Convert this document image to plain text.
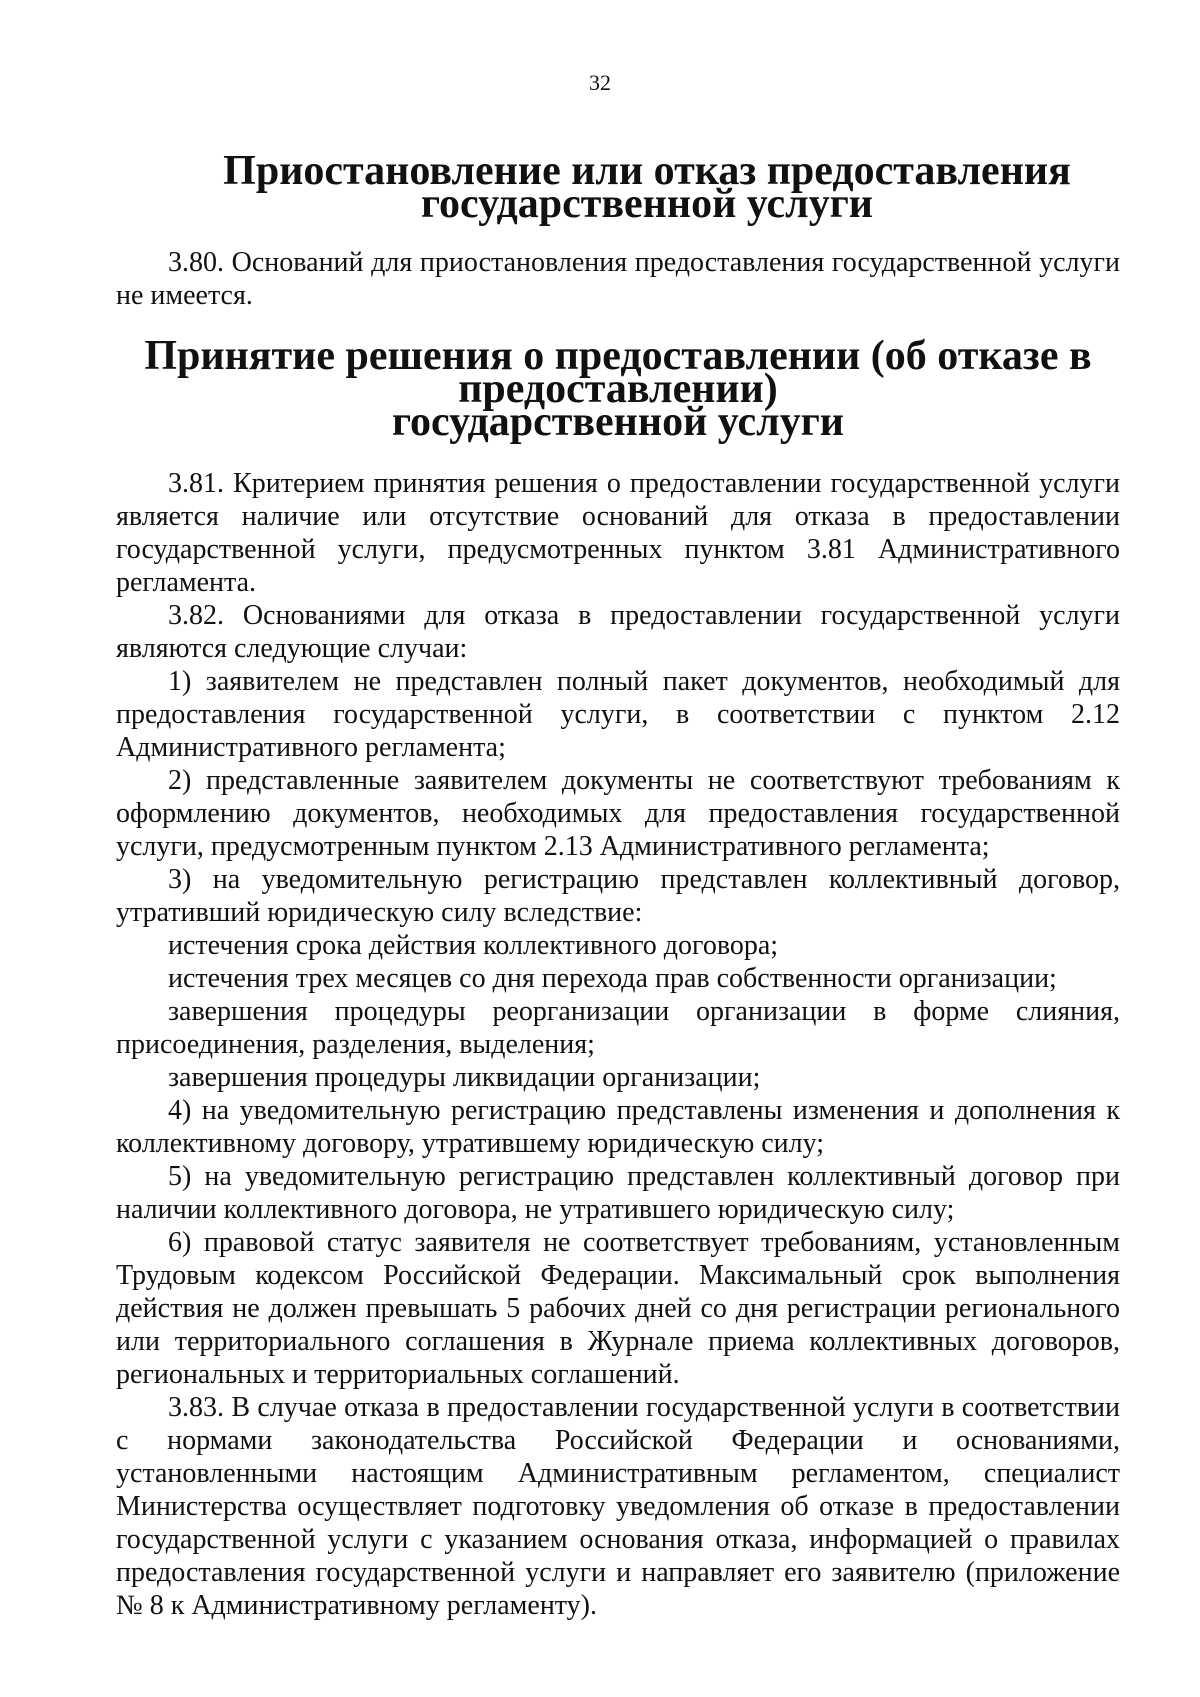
32
Приостановление или отказ предоставления государственной услуги

3.80. Оснований для приостановления предоставления государственной услуги не имеется.

Принятие решения о предоставлении (об отказе в предоставлении)
государственной услуги

3.81. Критерием принятия решения о предоставлении государственной услуги является наличие или отсутствие оснований для отказа в предоставлении государственной услуги, предусмотренных пунктом 3.81 Административного регламента.

3.82. Основаниями для отказа в предоставлении государственной услуги являются следующие случаи:

1) заявителем не представлен полный пакет документов, необходимый для предоставления государственной услуги, в соответствии с пунктом 2.12 Административного регламента;

2) представленные заявителем документы не соответствуют требованиям к оформлению документов, необходимых для предоставления государственной услуги, предусмотренным пунктом 2.13 Административного регламента;

3) на уведомительную регистрацию представлен коллективный договор, утративший юридическую силу вследствие:

истечения срока действия коллективного договора;

истечения трех месяцев со дня перехода прав собственности организации;

завершения процедуры реорганизации организации в форме слияния, присоединения, разделения, выделения;

завершения процедуры ликвидации организации;

4) на уведомительную регистрацию представлены изменения и дополнения к коллективному договору, утратившему юридическую силу;

5) на уведомительную регистрацию представлен коллективный договор при наличии коллективного договора, не утратившего юридическую силу;

6) правовой статус заявителя не соответствует требованиям, установленным Трудовым кодексом Российской Федерации. Максимальный срок выполнения действия не должен превышать 5 рабочих дней со дня регистрации регионального или территориального соглашения в Журнале приема коллективных договоров, региональных и территориальных соглашений.

3.83. В случае отказа в предоставлении государственной услуги в соответствии с нормами законодательства Российской Федерации и основаниями, установленными настоящим Административным регламентом, специалист Министерства осуществляет подготовку уведомления об отказе в предоставлении государственной услуги с указанием основания отказа, информацией о правилах предоставления государственной услуги и направляет его заявителю (приложение № 8 к Административному регламенту).
